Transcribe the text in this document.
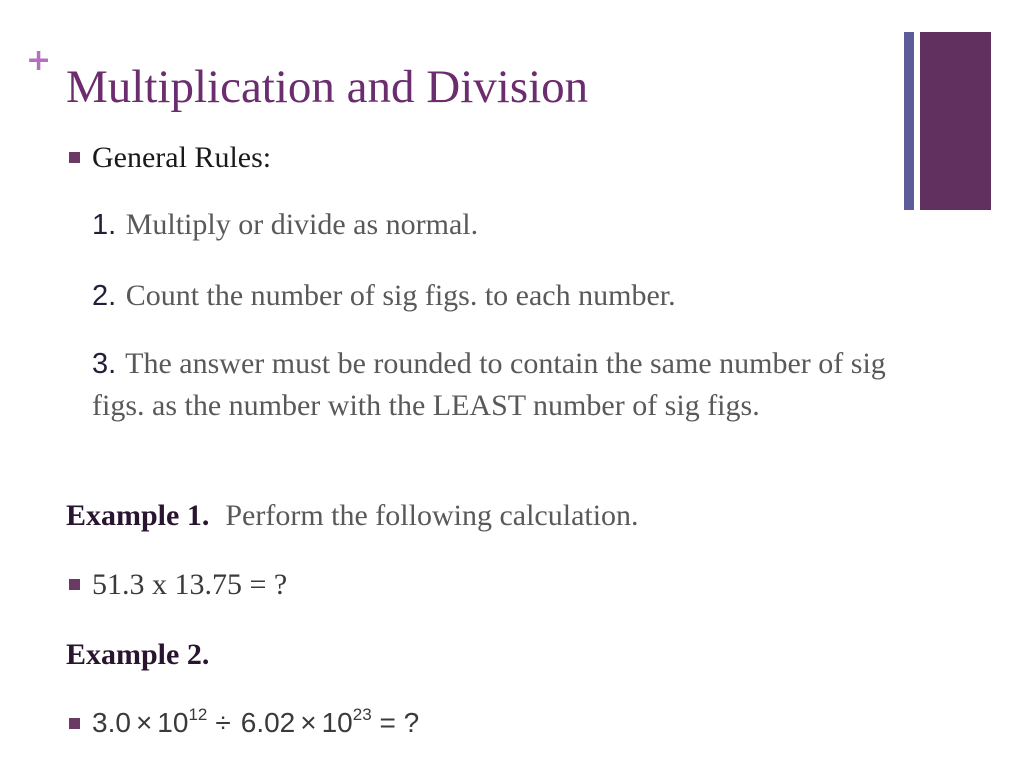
+
Multiplication and Division
General Rules:
1. Multiply or divide as normal.
2. Count the number of sig figs. to each number.
3. The answer must be rounded to contain the same number of sig figs. as the number with the LEAST number of sig figs.
Example 1. Perform the following calculation.
51.3 x 13.75 = ?
Example 2.
$3.0 \times 10^{12} \div 6.02 \times 10^{23}$ = ?
